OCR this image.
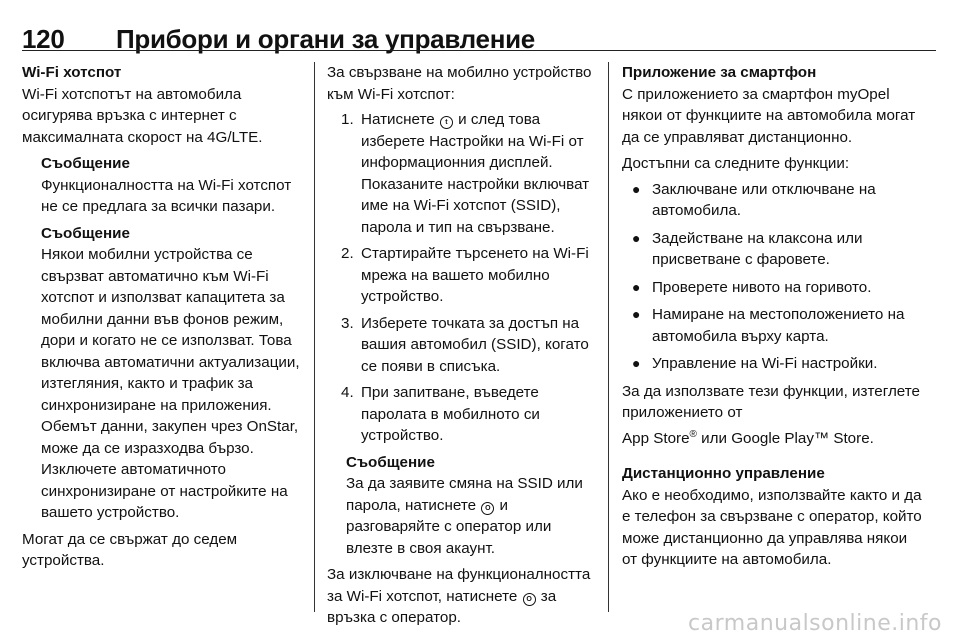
120 Прибори и органи за управление

Wi-Fi хотспот

Wi-Fi хотспотът на автомобила осигурява връзка с интернет с максималната скорост на 4G/LTE.

Съобщение

Функционалността на Wi-Fi хотспот не се предлага за всички пазари.

Съобщение

Някои мобилни устройства се свързват автоматично към Wi-Fi хотспот и използват капацитета за мобилни данни във фонов режим, дори и когато не се използват. Това включва автоматични актуализации, изтегляния, както и трафик за синхронизиране на приложения. Обемът данни, закупен чрез OnStar, може да се изразходва бързо. Изключете автоматичното синхронизиране от настройките на вашето устройство.

Могат да се свържат до седем устройства.

За свързване на мобилно устройство към Wi-Fi хотспот:

1. Натиснете t и след това изберете Настройки на Wi-Fi от информационния дисплей. Показаните настройки включват име на Wi-Fi хотспот (SSID), парола и тип на свързване.
2. Стартирайте търсенето на Wi-Fi мрежа на вашето мобилно устройство.
3. Изберете точката за достъп на вашия автомобил (SSID), когато се появи в списъка.
4. При запитване, въведете паролата в мобилното си устройство.

Съобщение

За да заявите смяна на SSID или парола, натиснете O и разговаряйте с оператор или влезте в своя акаунт.

За изключване на функционалността за Wi-Fi хотспот, натиснете O за връзка с оператор.

Приложение за смартфон

С приложението за смартфон myOpel някои от функциите на автомобила могат да се управляват дистанционно.

Достъпни са следните функции:

● Заключване или отключване на автомобила.
● Задействане на клаксона или присветване с фаровете.
● Проверете нивото на горивото.
● Намиране на местоположението на автомобила върху карта.
● Управление на Wi-Fi настройки.

За да използвате тези функции, изтеглете приложението от
App Store® или Google Play™ Store.

Дистанционно управление

Ако е необходимо, използвайте както и да е телефон за свързване с оператор, който може дистанционно да управлява някои от функциите на автомобила.

carmanualsonline.info
